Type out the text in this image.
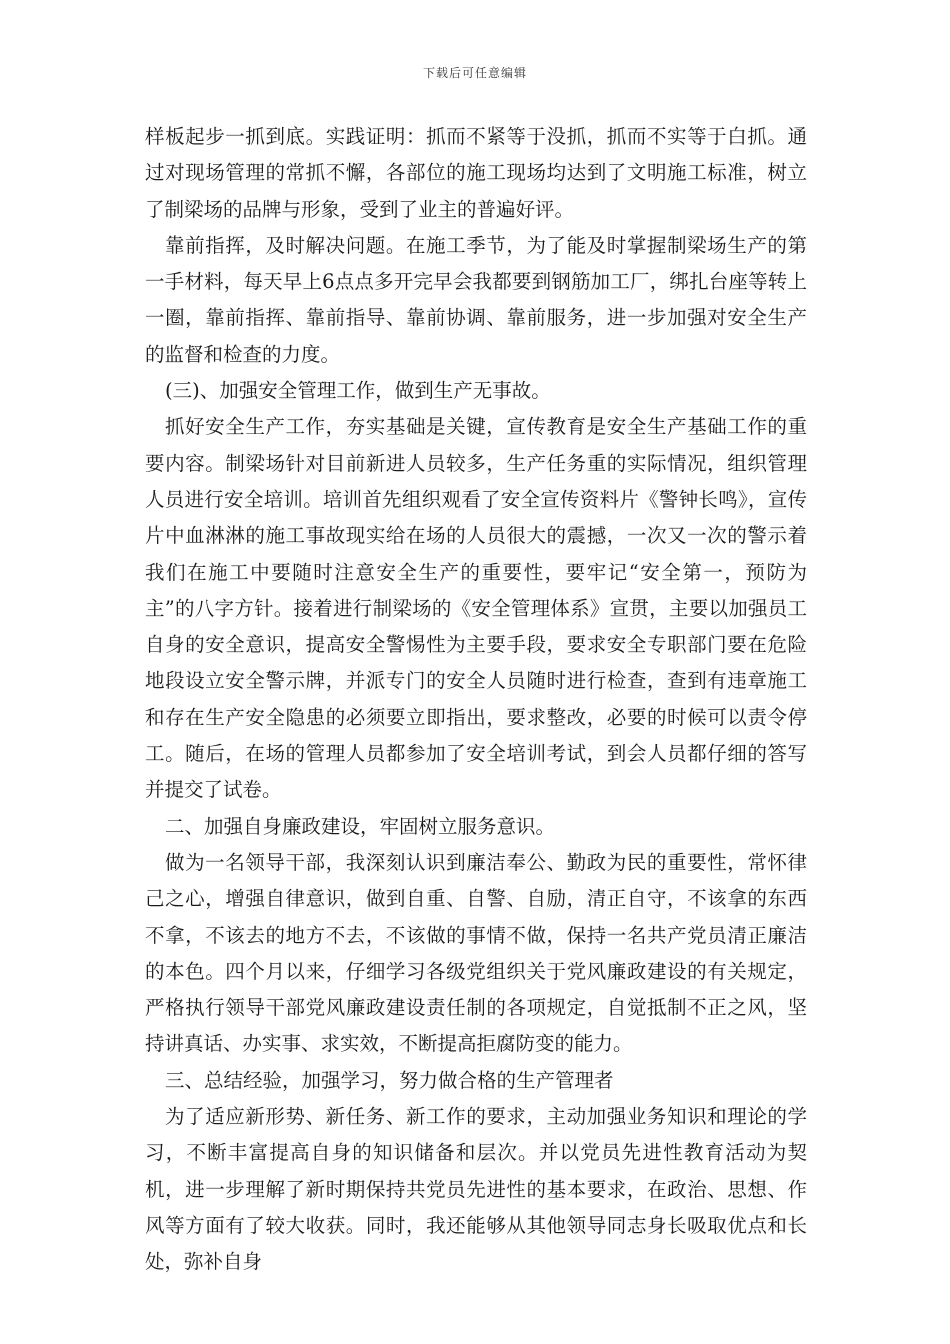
下载后可任意编辑

样板起步一抓到底。实践证明：抓而不紧等于没抓，抓而不实等于白抓。通过对现场管理的常抓不懈，各部位的施工现场均达到了文明施工标准，树立了制梁场的品牌与形象，受到了业主的普遍好评。

靠前指挥，及时解决问题。在施工季节，为了能及时掌握制梁场生产的第一手材料，每天早上6点点多开完早会我都要到钢筋加工厂，绑扎台座等转上一圈，靠前指挥、靠前指导、靠前协调、靠前服务，进一步加强对安全生产的监督和检查的力度。

(三)、加强安全管理工作，做到生产无事故。

抓好安全生产工作，夯实基础是关键，宣传教育是安全生产基础工作的重要内容。制梁场针对目前新进人员较多，生产任务重的实际情况，组织管理人员进行安全培训。培训首先组织观看了安全宣传资料片《警钟长鸣》，宣传片中血淋淋的施工事故现实给在场的人员很大的震撼，一次又一次的警示着我们在施工中要随时注意安全生产的重要性，要牢记“安全第一，预防为主”的八字方针。接着进行制梁场的《安全管理体系》宣贯，主要以加强员工自身的安全意识，提高安全警惕性为主要手段，要求安全专职部门要在危险地段设立安全警示牌，并派专门的安全人员随时进行检查，查到有违章施工和存在生产安全隐患的必须要立即指出，要求整改，必要的时候可以责令停工。随后，在场的管理人员都参加了安全培训考试，到会人员都仔细的答写并提交了试卷。

二、加强自身廉政建设，牢固树立服务意识。

做为一名领导干部，我深刻认识到廉洁奉公、勤政为民的重要性，常怀律己之心，增强自律意识，做到自重、自警、自励，清正自守，不该拿的东西不拿，不该去的地方不去，不该做的事情不做，保持一名共产党员清正廉洁的本色。四个月以来，仔细学习各级党组织关于党风廉政建设的有关规定，严格执行领导干部党风廉政建设责任制的各项规定，自觉抵制不正之风，坚持讲真话、办实事、求实效，不断提高拒腐防变的能力。

三、总结经验，加强学习，努力做合格的生产管理者

为了适应新形势、新任务、新工作的要求，主动加强业务知识和理论的学习，不断丰富提高自身的知识储备和层次。并以党员先进性教育活动为契机，进一步理解了新时期保持共党员先进性的基本要求，在政治、思想、作风等方面有了较大收获。同时，我还能够从其他领导同志身长吸取优点和长处，弥补自身
